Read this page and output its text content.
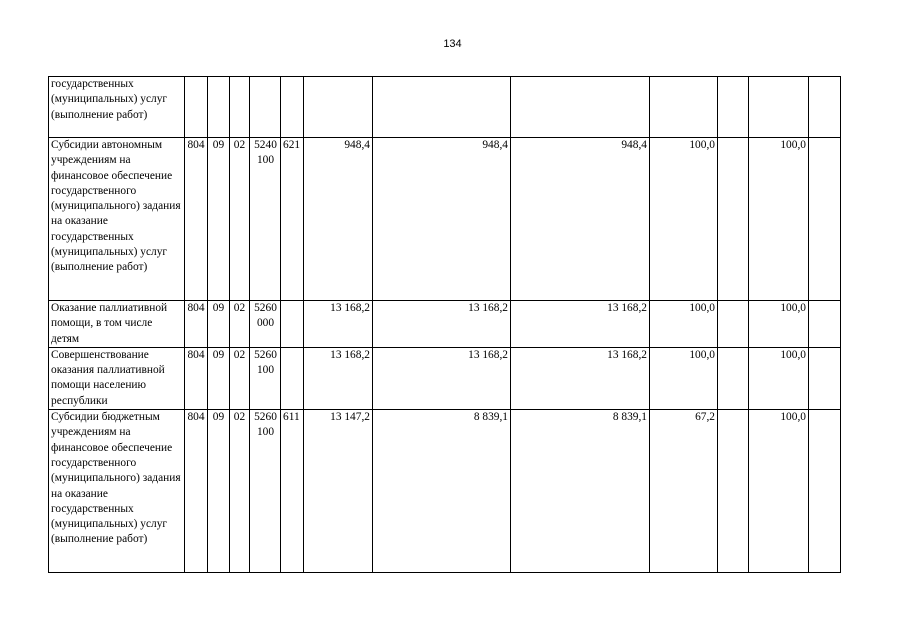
134
государственных (муниципальных) услуг (выполнение работ)												
Субсидии автономным учреждениям на финансовое обеспечение государственного (муниципального) задания на оказание государственных (муниципальных) услуг (выполнение работ)	804	09	02	5240 100	621	948,4	948,4	948,4	100,0		100,0	
Оказание паллиативной помощи, в том числе детям	804	09	02	5260 000		13 168,2	13 168,2	13 168,2	100,0		100,0	
Совершенствование оказания паллиативной помощи населению республики	804	09	02	5260 100		13 168,2	13 168,2	13 168,2	100,0		100,0	
Субсидии бюджетным учреждениям на финансовое обеспечение государственного (муниципального) задания на оказание государственных (муниципальных) услуг (выполнение работ)	804	09	02	5260 100	611	13 147,2	8 839,1	8 839,1	67,2		100,0	
